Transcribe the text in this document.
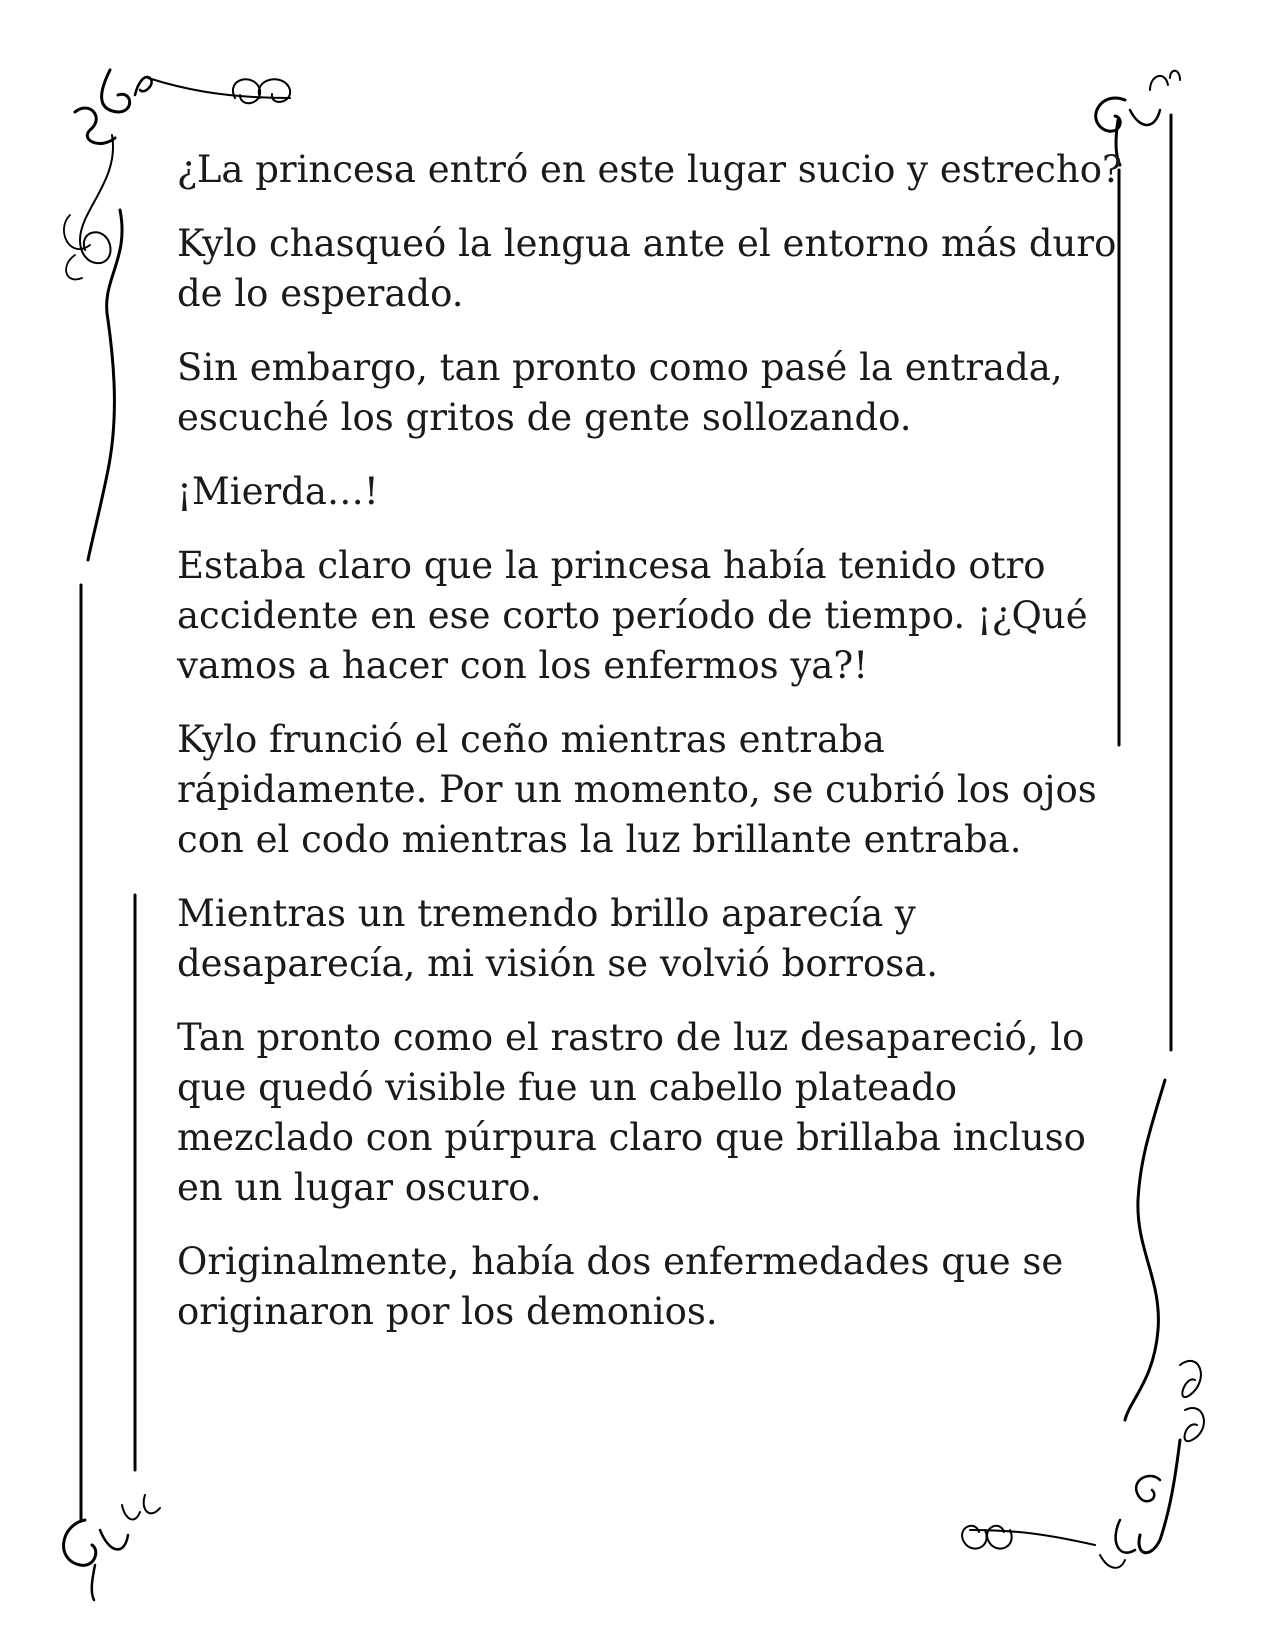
¿La princesa entró en este lugar sucio y estrecho?

Kylo chasqueó la lengua ante el entorno más duro de lo esperado.

Sin embargo, tan pronto como pasé la entrada, escuché los gritos de gente sollozando.

¡Mierda…!

Estaba claro que la princesa había tenido otro accidente en ese corto período de tiempo. ¡¿Qué vamos a hacer con los enfermos ya?!

Kylo frunció el ceño mientras entraba rápidamente. Por un momento, se cubrió los ojos con el codo mientras la luz brillante entraba.

Mientras un tremendo brillo aparecía y desaparecía, mi visión se volvió borrosa.

Tan pronto como el rastro de luz desapareció, lo que quedó visible fue un cabello plateado mezclado con púrpura claro que brillaba incluso en un lugar oscuro.

Originalmente, había dos enfermedades que se originaron por los demonios.
